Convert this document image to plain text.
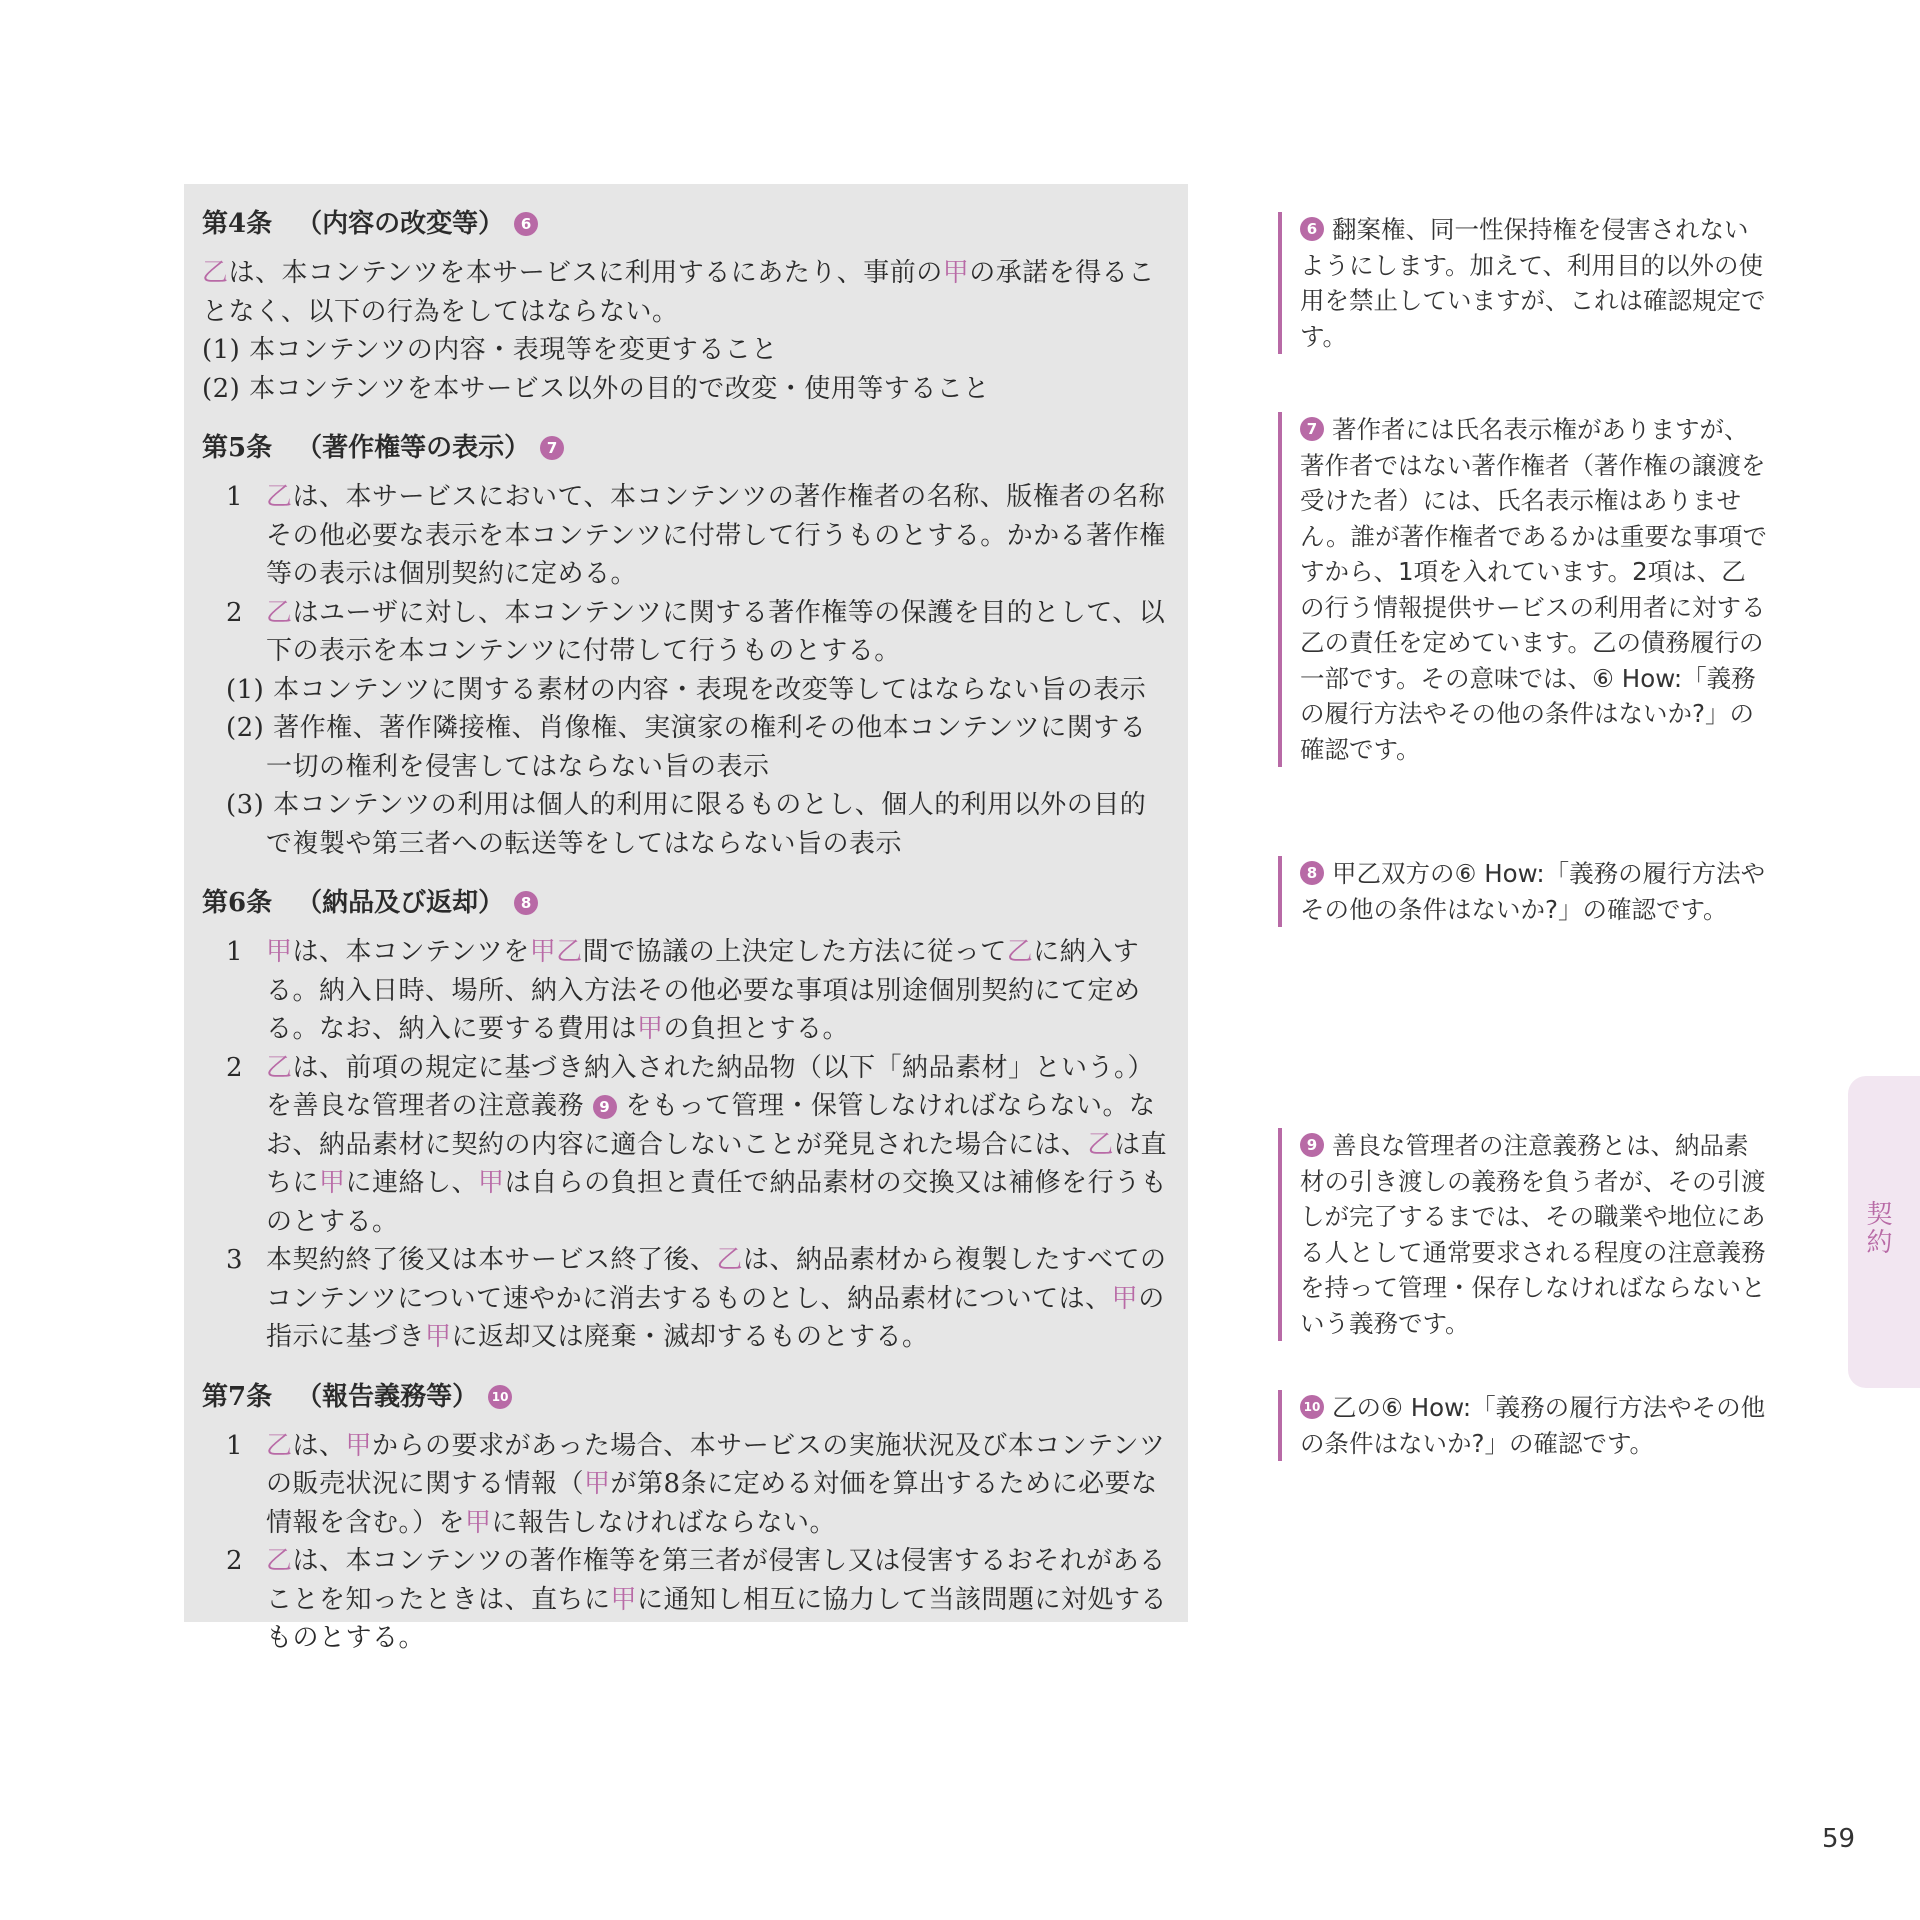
第4条 （内容の改変等）	6

乙は、本コンテンツを本サービスに利用するにあたり、事前の甲の承諾を得ることなく、以下の行為をしてはならない。

(1) 本コンテンツの内容・表現等を変更すること

(2) 本コンテンツを本サービス以外の目的で改変・使用等すること

第5条 （著作権等の表示）	7

1 乙は、本サービスにおいて、本コンテンツの著作権者の名称、版権者の名称その他必要な表示を本コンテンツに付帯して行うものとする。かかる著作権等の表示は個別契約に定める。

2 乙はユーザに対し、本コンテンツに関する著作権等の保護を目的として、以下の表示を本コンテンツに付帯して行うものとする。

(1) 本コンテンツに関する素材の内容・表現を改変等してはならない旨の表示

(2) 著作権、著作隣接権、肖像権、実演家の権利その他本コンテンツに関する一切の権利を侵害してはならない旨の表示

(3) 本コンテンツの利用は個人的利用に限るものとし、個人的利用以外の目的で複製や第三者への転送等をしてはならない旨の表示

第6条 （納品及び返却）	8

1 甲は、本コンテンツを甲乙間で協議の上決定した方法に従って乙に納入する。納入日時、場所、納入方法その他必要な事項は別途個別契約にて定める。なお、納入に要する費用は甲の負担とする。

2 乙は、前項の規定に基づき納入された納品物（以下「納品素材」という。）を善良な管理者の注意義務 9 をもって管理・保管しなければならない。なお、納品素材に契約の内容に適合しないことが発見された場合には、乙は直ちに甲に連絡し、甲は自らの負担と責任で納品素材の交換又は補修を行うものとする。

3 本契約終了後又は本サービス終了後、乙は、納品素材から複製したすべてのコンテンツについて速やかに消去するものとし、納品素材については、甲の指示に基づき甲に返却又は廃棄・滅却するものとする。

第7条 （報告義務等）	10

1 乙は、甲からの要求があった場合、本サービスの実施状況及び本コンテンツの販売状況に関する情報（甲が第8条に定める対価を算出するために必要な情報を含む。）を甲に報告しなければならない。

2 乙は、本コンテンツの著作権等を第三者が侵害し又は侵害するおそれがあることを知ったときは、直ちに甲に通知し相互に協力して当該問題に対処するものとする。

6 翻案権、同一性保持権を侵害されないようにします。加えて、利用目的以外の使用を禁止していますが、これは確認規定です。
7 著作者には氏名表示権がありますが、著作者ではない著作権者（著作権の譲渡を受けた者）には、氏名表示権はありません。誰が著作権者であるかは重要な事項ですから、1項を入れています。2項は、乙の行う情報提供サービスの利用者に対する乙の責任を定めています。乙の債務履行の一部です。その意味では、⑥ How:「義務の履行方法やその他の条件はないか?」の確認です。
8 甲乙双方の⑥ How:「義務の履行方法やその他の条件はないか?」の確認です。
9 善良な管理者の注意義務とは、納品素材の引き渡しの義務を負う者が、その引渡しが完了するまでは、その職業や地位にある人として通常要求される程度の注意義務を持って管理・保存しなければならないという義務です。
10 乙の⑥ How:「義務の履行方法やその他の条件はないか?」の確認です。
契約
59
